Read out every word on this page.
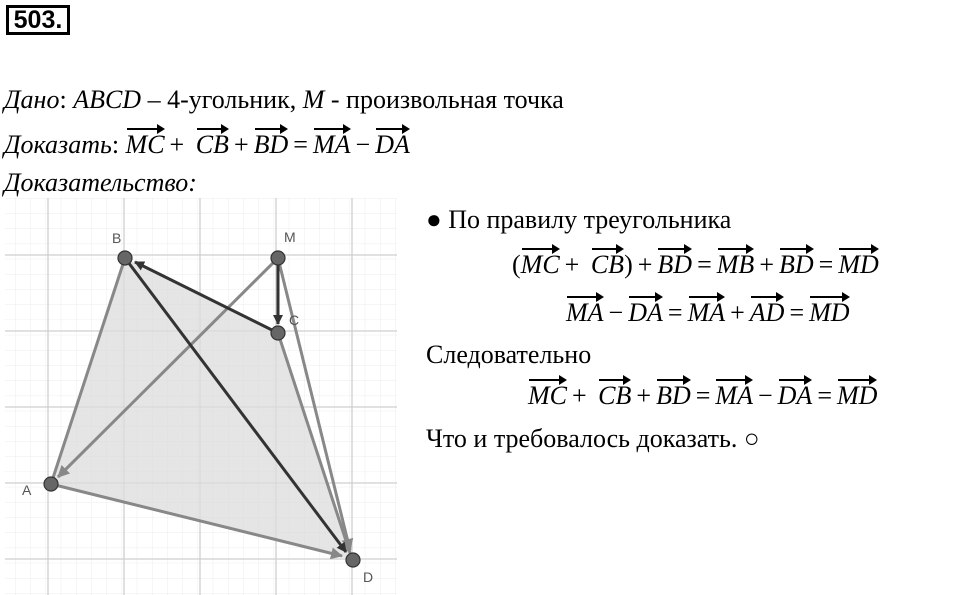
503.
Дано: ABCD – 4-угольник, M - произвольная точка
Доказать: MC + CB + BD = MA − DA
Доказательство:
A
B
C
D
M
● По правилу треугольника
(MC + CB) + BD = MB + BD = MD
MA − DA = MA + AD = MD
Следовательно
MC + CB + BD = MA − DA = MD
Что и требовалось доказать. ○
